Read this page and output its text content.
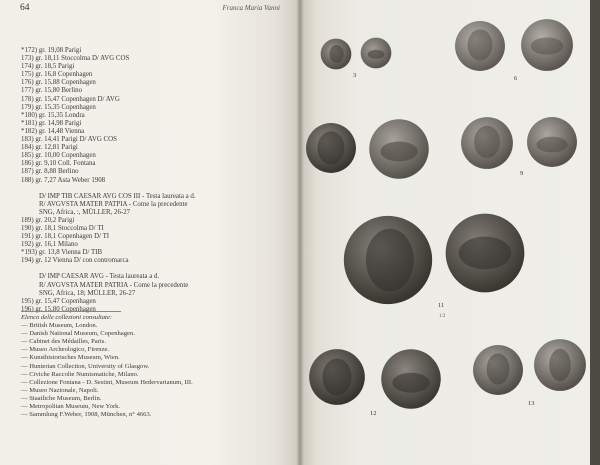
64	Franca Maria Vanni
*172) gr. 19,08 Parigi
173) gr. 18,11 Stoccolma D/ AVG COS
174) gr. 18,5 Parigi
175) gr. 16,8 Copenhagen
176) gr. 15,88 Copenhagen
177) gr. 15,80 Berlino
178) gr. 15,47 Copenhagen D/ AVG
179) gr. 15,35 Copenhagen
*180) gr. 15,35 Londra
*181) gr. 14,98 Parigi
*182) gr. 14,48 Vienna
183) gr. 14,41 Parigi D/ AVG COS
184) gr. 12,81 Parigi
185) gr. 10,00 Copenhagen
186) gr. 9,10 Coll. Fontana
187) gr. 8,88 Berlino
188) gr. 7,27 Asta Weber 1908
D/ IMP TIB CAESAR AVG COS III - Testa laureata a d.
R/ AVGVSTA MATER PATPIA - Come la precedente
SNG, Africa, :, MÜLLER, 26-27
189) gr. 20,2 Parigi
190) gr. 18,1 Stoccolma D/ TI
191) gr. 18,1 Copenhagen D/ TI
192) gr. 16,1 Milano
*193) gr. 13,8 Vienna D/ TIB
194) gr. 12 Vienna D/ con contromarca
D/ IMP CAESAR AVG - Testa laureata a d.
R/ AVGVSTA MATER PATRIA - Come la precedente
SNG, Africa, 18; MÜLLER, 26-27
195) gr. 15,47 Copenhagen
196) gr. 15,80 Copenhagen
Elenco delle collezioni consultate:
— British Museum, London.
— Danish National Museum, Copenhagen.
— Cabinet des Médailles, Paris.
— Museo Archeologico, Firenze.
— Kunsthistorisches Museum, Wien.
— Hunterian Collection, University of Glasgow.
— Civiche Raccolte Numismatiche, Milano.
— Collezione Fontana - D. Sestini, Museum Hedervarianum, III.
— Museo Nazionale, Napoli.
— Staatliche Museum, Berlin.
— Metropolitan Museum, New York.
— Sammlung F.Weber, 1908, München, n° 4663.
3	6
9
11
1:2
12
13
